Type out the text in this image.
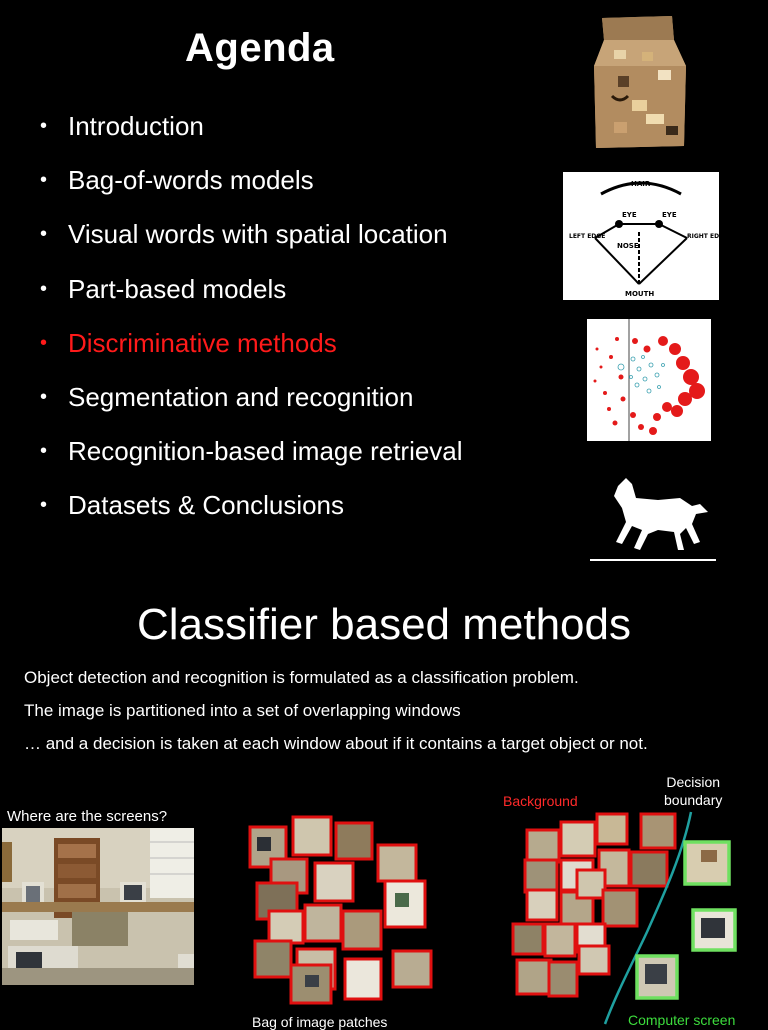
Agenda
• Introduction
• Bag-of-words models
• Visual words with spatial location
• Part-based models
• Discriminative methods
• Segmentation and recognition
• Recognition-based image retrieval
• Datasets & Conclusions
HAIR
EYE	EYE
LEFT EDGE	RIGHT EDGE
NOSE
MOUTH
Classifier based methods
Object detection and recognition is formulated as a classification problem.
The image is partitioned into a set of overlapping windows
… and a decision is taken at each window about if it contains a target object or not.
Where are the screens?
Bag of image patches
Background
Decision
boundary
Computer screen
